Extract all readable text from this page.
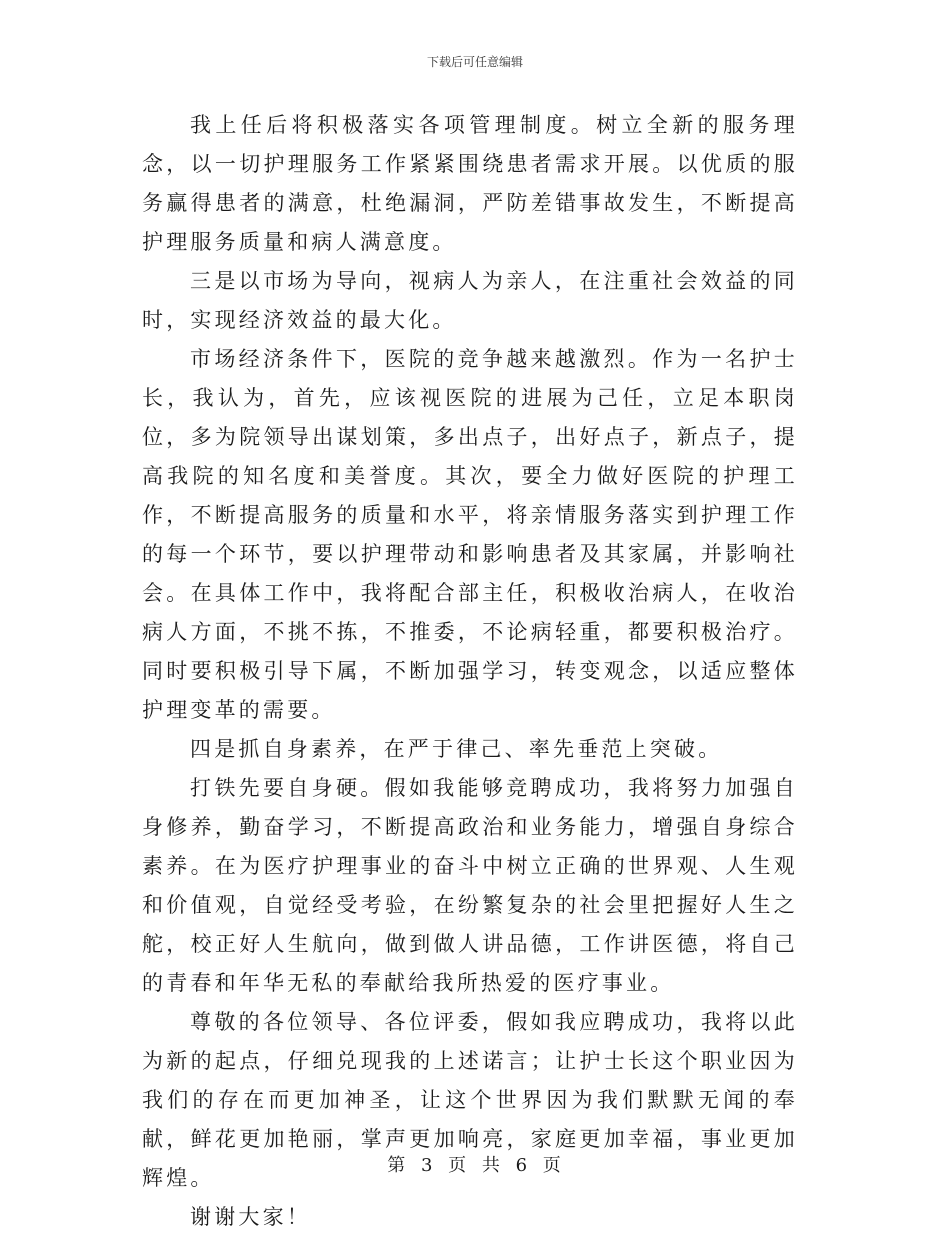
下载后可任意编辑

我上任后将积极落实各项管理制度。树立全新的服务理念，以一切护理服务工作紧紧围绕患者需求开展。以优质的服务赢得患者的满意，杜绝漏洞，严防差错事故发生，不断提高护理服务质量和病人满意度。

三是以市场为导向，视病人为亲人，在注重社会效益的同时，实现经济效益的最大化。

市场经济条件下，医院的竞争越来越激烈。作为一名护士长，我认为，首先，应该视医院的进展为己任，立足本职岗位，多为院领导出谋划策，多出点子，出好点子，新点子，提高我院的知名度和美誉度。其次，要全力做好医院的护理工作，不断提高服务的质量和水平，将亲情服务落实到护理工作的每一个环节，要以护理带动和影响患者及其家属，并影响社会。在具体工作中，我将配合部主任，积极收治病人，在收治病人方面，不挑不拣，不推委，不论病轻重，都要积极治疗。同时要积极引导下属，不断加强学习，转变观念，以适应整体护理变革的需要。

四是抓自身素养，在严于律己、率先垂范上突破。

打铁先要自身硬。假如我能够竞聘成功，我将努力加强自身修养，勤奋学习，不断提高政治和业务能力，增强自身综合素养。在为医疗护理事业的奋斗中树立正确的世界观、人生观和价值观，自觉经受考验，在纷繁复杂的社会里把握好人生之舵，校正好人生航向，做到做人讲品德，工作讲医德，将自己的青春和年华无私的奉献给我所热爱的医疗事业。

尊敬的各位领导、各位评委，假如我应聘成功，我将以此为新的起点，仔细兑现我的上述诺言；让护士长这个职业因为我们的存在而更加神圣，让这个世界因为我们默默无闻的奉献，鲜花更加艳丽，掌声更加响亮，家庭更加幸福，事业更加辉煌。

谢谢大家！

第 3 页 共 6 页
